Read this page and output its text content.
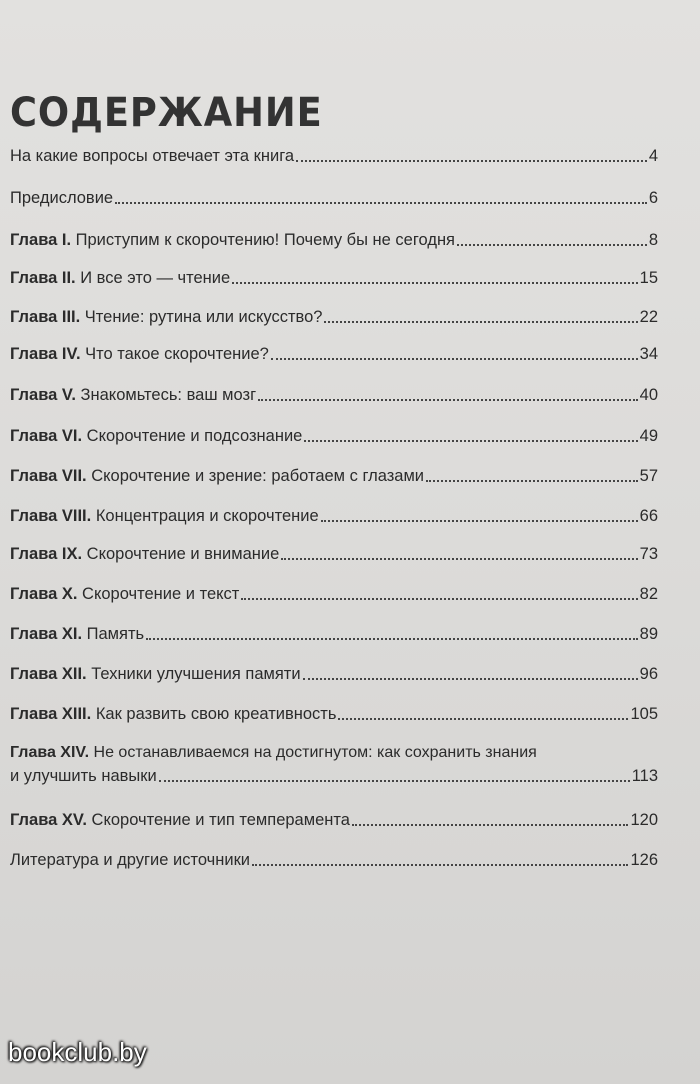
СОДЕРЖАНИЕ
На какие вопросы отвечает эта книга	4
Предисловие	6
Глава I. Приступим к скорочтению! Почему бы не сегодня	8
Глава II. И все это — чтение	15
Глава III. Чтение: рутина или искусство?	22
Глава IV. Что такое скорочтение?	34
Глава V. Знакомьтесь: ваш мозг	40
Глава VI. Скорочтение и подсознание	49
Глава VII. Скорочтение и зрение: работаем с глазами	57
Глава VIII. Концентрация и скорочтение	66
Глава IX. Скорочтение и внимание	73
Глава X. Скорочтение и текст	82
Глава XI. Память	89
Глава XII. Техники улучшения памяти	96
Глава XIII. Как развить свою креативность	105
Глава XIV. Не останавливаемся на достигнутом: как сохранить знания
и улучшить навыки	113
Глава XV. Скорочтение и тип темперамента	120
Литература и другие источники	126
bookclub.by
